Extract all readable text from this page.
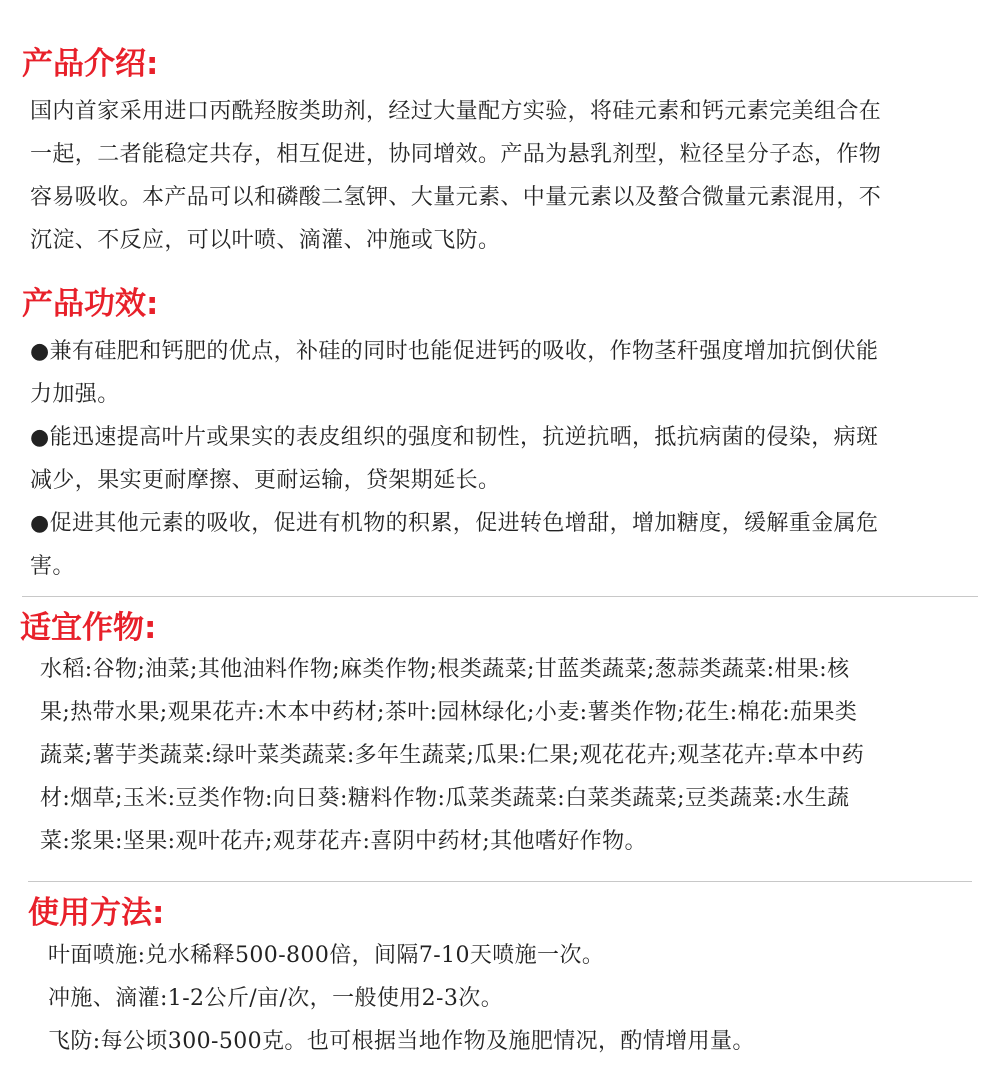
产品介绍:
国内首家采用进口丙酰羟胺类助剂，经过大量配方实验，将硅元素和钙元素完美组合在
一起，二者能稳定共存，相互促进，协同增效。产品为悬乳剂型，粒径呈分子态，作物
容易吸收。本产品可以和磷酸二氢钾、大量元素、中量元素以及螯合微量元素混用，不
沉淀、不反应，可以叶喷、滴灌、冲施或飞防。
产品功效:
●兼有硅肥和钙肥的优点，补硅的同时也能促进钙的吸收，作物茎秆强度增加抗倒伏能
力加强。
●能迅速提高叶片或果实的表皮组织的强度和韧性，抗逆抗晒，抵抗病菌的侵染，病斑
减少，果实更耐摩擦、更耐运输，贷架期延长。
●促进其他元素的吸收，促进有机物的积累，促进转色增甜，增加糖度，缓解重金属危
害。
适宜作物:
水稻:谷物;油菜;其他油料作物;麻类作物;根类蔬菜;甘蓝类蔬菜;葱蒜类蔬菜:柑果:核
果;热带水果;观果花卉:木本中药材;茶叶:园林绿化;小麦:薯类作物;花生:棉花:茄果类
蔬菜;薯芋类蔬菜:绿叶菜类蔬菜:多年生蔬菜;瓜果:仁果;观花花卉;观茎花卉:草本中药
材:烟草;玉米:豆类作物:向日葵:糖料作物:瓜菜类蔬菜:白菜类蔬菜;豆类蔬菜:水生蔬
菜:浆果:坚果:观叶花卉;观芽花卉:喜阴中药材;其他嗜好作物。
使用方法:
叶面喷施:兑水稀释500-800倍，间隔7-10天喷施一次。
冲施、滴灌:1-2公斤/亩/次，一般使用2-3次。
飞防:每公顷300-500克。也可根据当地作物及施肥情况，酌情增用量。
